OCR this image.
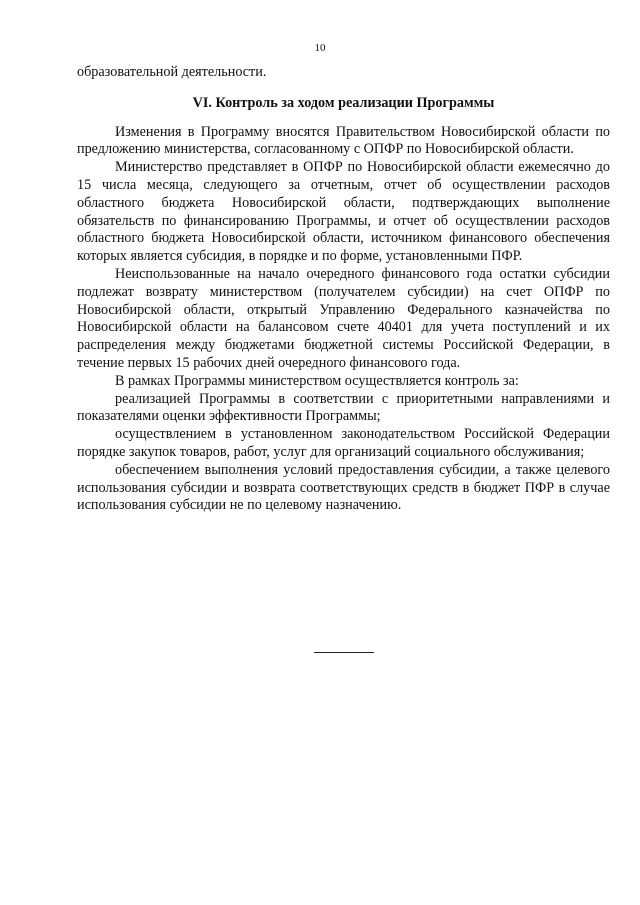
10

образовательной деятельности.

VI. Контроль за ходом реализации Программы

Изменения в Программу вносятся Правительством Новосибирской области по предложению министерства, согласованному с ОПФР по Новосибирской области.

Министерство представляет в ОПФР по Новосибирской области ежемесячно до 15 числа месяца, следующего за отчетным, отчет об осуществлении расходов областного бюджета Новосибирской области, подтверждающих выполнение обязательств по финансированию Программы, и отчет об осуществлении расходов областного бюджета Новосибирской области, источником финансового обеспечения которых является субсидия, в порядке и по форме, установленными ПФР.

Неиспользованные на начало очередного финансового года остатки субсидии подлежат возврату министерством (получателем субсидии) на счет ОПФР по Новосибирской области, открытый Управлению Федерального казначейства по Новосибирской области на балансовом счете 40401 для учета поступлений и их распределения между бюджетами бюджетной системы Российской Федерации, в течение первых 15 рабочих дней очередного финансового года.

В рамках Программы министерством осуществляется контроль за:

реализацией Программы в соответствии с приоритетными направлениями и показателями оценки эффективности Программы;

осуществлением в установленном законодательством Российской Федерации порядке закупок товаров, работ, услуг для организаций социального обслуживания;

обеспечением выполнения условий предоставления субсидии, а также целевого использования субсидии и возврата соответствующих средств в бюджет ПФР в случае использования субсидии не по целевому назначению.
